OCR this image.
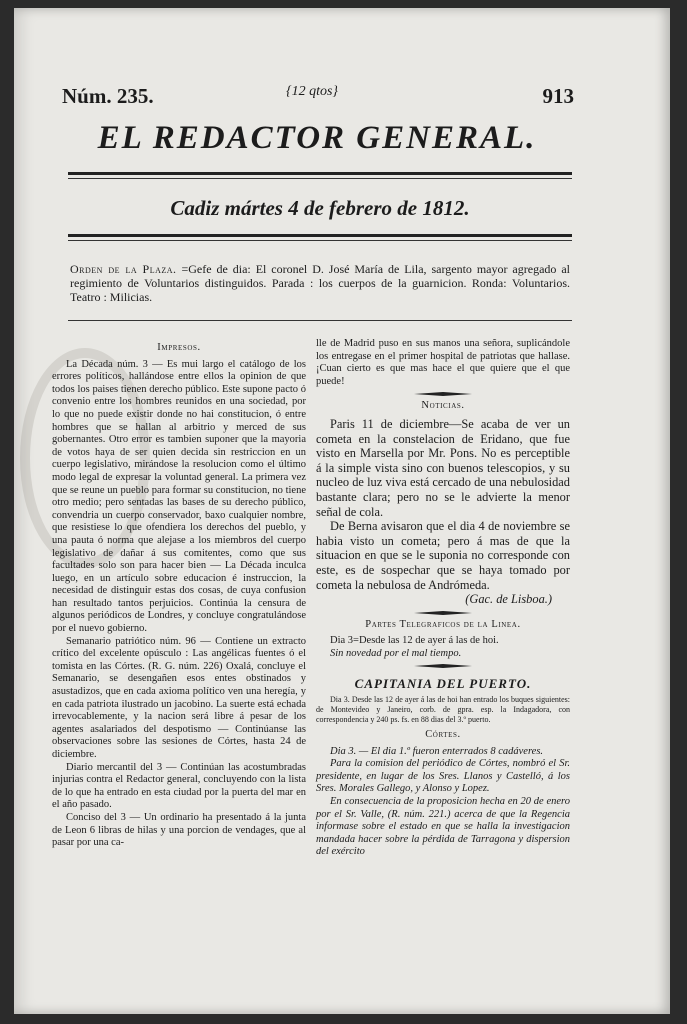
Núm. 235.	{12 qtos}	913
EL REDACTOR GENERAL.
Cadiz mártes 4 de febrero de 1812.
Orden de la Plaza. =Gefe de dia: El coronel D. José María de Lila, sargento mayor agregado al regimiento de Voluntarios distinguidos. Parada : los cuerpos de la guarnicion. Ronda: Voluntarios. Teatro : Milicias.
Impresos.

La Década núm. 3 — Es mui largo el catálogo de los errores políticos, hallándose entre ellos la opinion de que todos los paises tienen derecho público. Este supone pacto ó convenio entre los hombres reunidos en una sociedad, por lo que no puede existir donde no hai constitucion, ó entre hombres que se hallan al arbitrio y merced de sus gobernantes. Otro error es tambien suponer que la mayoria de votos haya de ser quien decida sin restriccion en un cuerpo legislativo, mirándose la resolucion como el último modo legal de expresar la voluntad general. La primera vez que se reune un pueblo para formar su constitucion, no tiene otro medio; pero sentadas las bases de su derecho público, convendria un cuerpo conservador, baxo cualquier nombre, que resistiese lo que ofendiera los derechos del pueblo, y una pauta ó norma que alejase a los miembros del cuerpo legislativo de dañar á sus comitentes, como que sus facultades solo son para hacer bien — La Década inculca luego, en un artículo sobre educacion é instruccion, la necesidad de distinguir estas dos cosas, de cuya confusion han resultado tantos perjuicios. Continúa la censura de algunos periódicos de Londres, y concluye congratulándose por el nuevo gobierno.

Semanario patriótico núm. 96 — Contiene un extracto crítico del excelente opúsculo : Las angélicas fuentes ó el tomista en las Córtes. (R. G. núm. 226) Oxalá, concluye el Semanario, se desengañen esos entes obstinados y asustadizos, que en cada axioma político ven una heregía, y en cada patriota ilustrado un jacobino. La suerte está echada irrevocablemente, y la nacion será libre á pesar de los agentes asalariados del despotismo — Continúanse las observaciones sobre las sesiones de Córtes, hasta 24 de diciembre.

Diario mercantil del 3 — Continúan las acostumbradas injurias contra el Redactor general, concluyendo con la lista de lo que ha entrado en esta ciudad por la puerta del mar en el año pasado.

Conciso del 3 — Un ordinario ha presentado á la junta de Leon 6 libras de hilas y una porcion de vendages, que al pasar por una ca-

lle de Madrid puso en sus manos una señora, suplicándole los entregase en el primer hospital de patriotas que hallase. ¡Cuan cierto es que mas hace el que quiere que el que puede!

Noticias.

Paris 11 de diciembre—Se acaba de ver un cometa en la constelacion de Eridano, que fue visto en Marsella por Mr. Pons. No es perceptible á la simple vista sino con buenos telescopios, y su nucleo de luz viva está cercado de una nebulosidad bastante clara; pero no se le advierte la menor señal de cola.

De Berna avisaron que el dia 4 de noviembre se habia visto un cometa; pero á mas de que la situacion en que se le suponia no corresponde con este, es de sospechar que se haya tomado por cometa la nebulosa de Andrómeda.

(Gac. de Lisboa.)

Partes Telegraficos de la Linea.

Dia 3=Desde las 12 de ayer á las de hoi.

Sin novedad por el mal tiempo.

CAPITANIA DEL PUERTO.

Dia 3. Desde las 12 de ayer á las de hoi han entrado los buques siguientes: de Montevideo y Janeiro, corb. de gpra. esp. la Indagadora, con correspondencia y 240 ps. fs. en 88 dias del 3.º puerto.

Córtes.

Dia 3. — El dia 1.º fueron enterrados 8 cadáveres.

Para la comision del periódico de Córtes, nombró el Sr. presidente, en lugar de los Sres. Llanos y Castelló, á los Sres. Morales Gallego, y Alonso y Lopez.

En consecuencia de la proposicion hecha en 20 de enero por el Sr. Valle, (R. núm. 221.) acerca de que la Regencia informase sobre el estado en que se halla la investigacion mandada hacer sobre la pérdida de Tarragona y dispersion del exército
